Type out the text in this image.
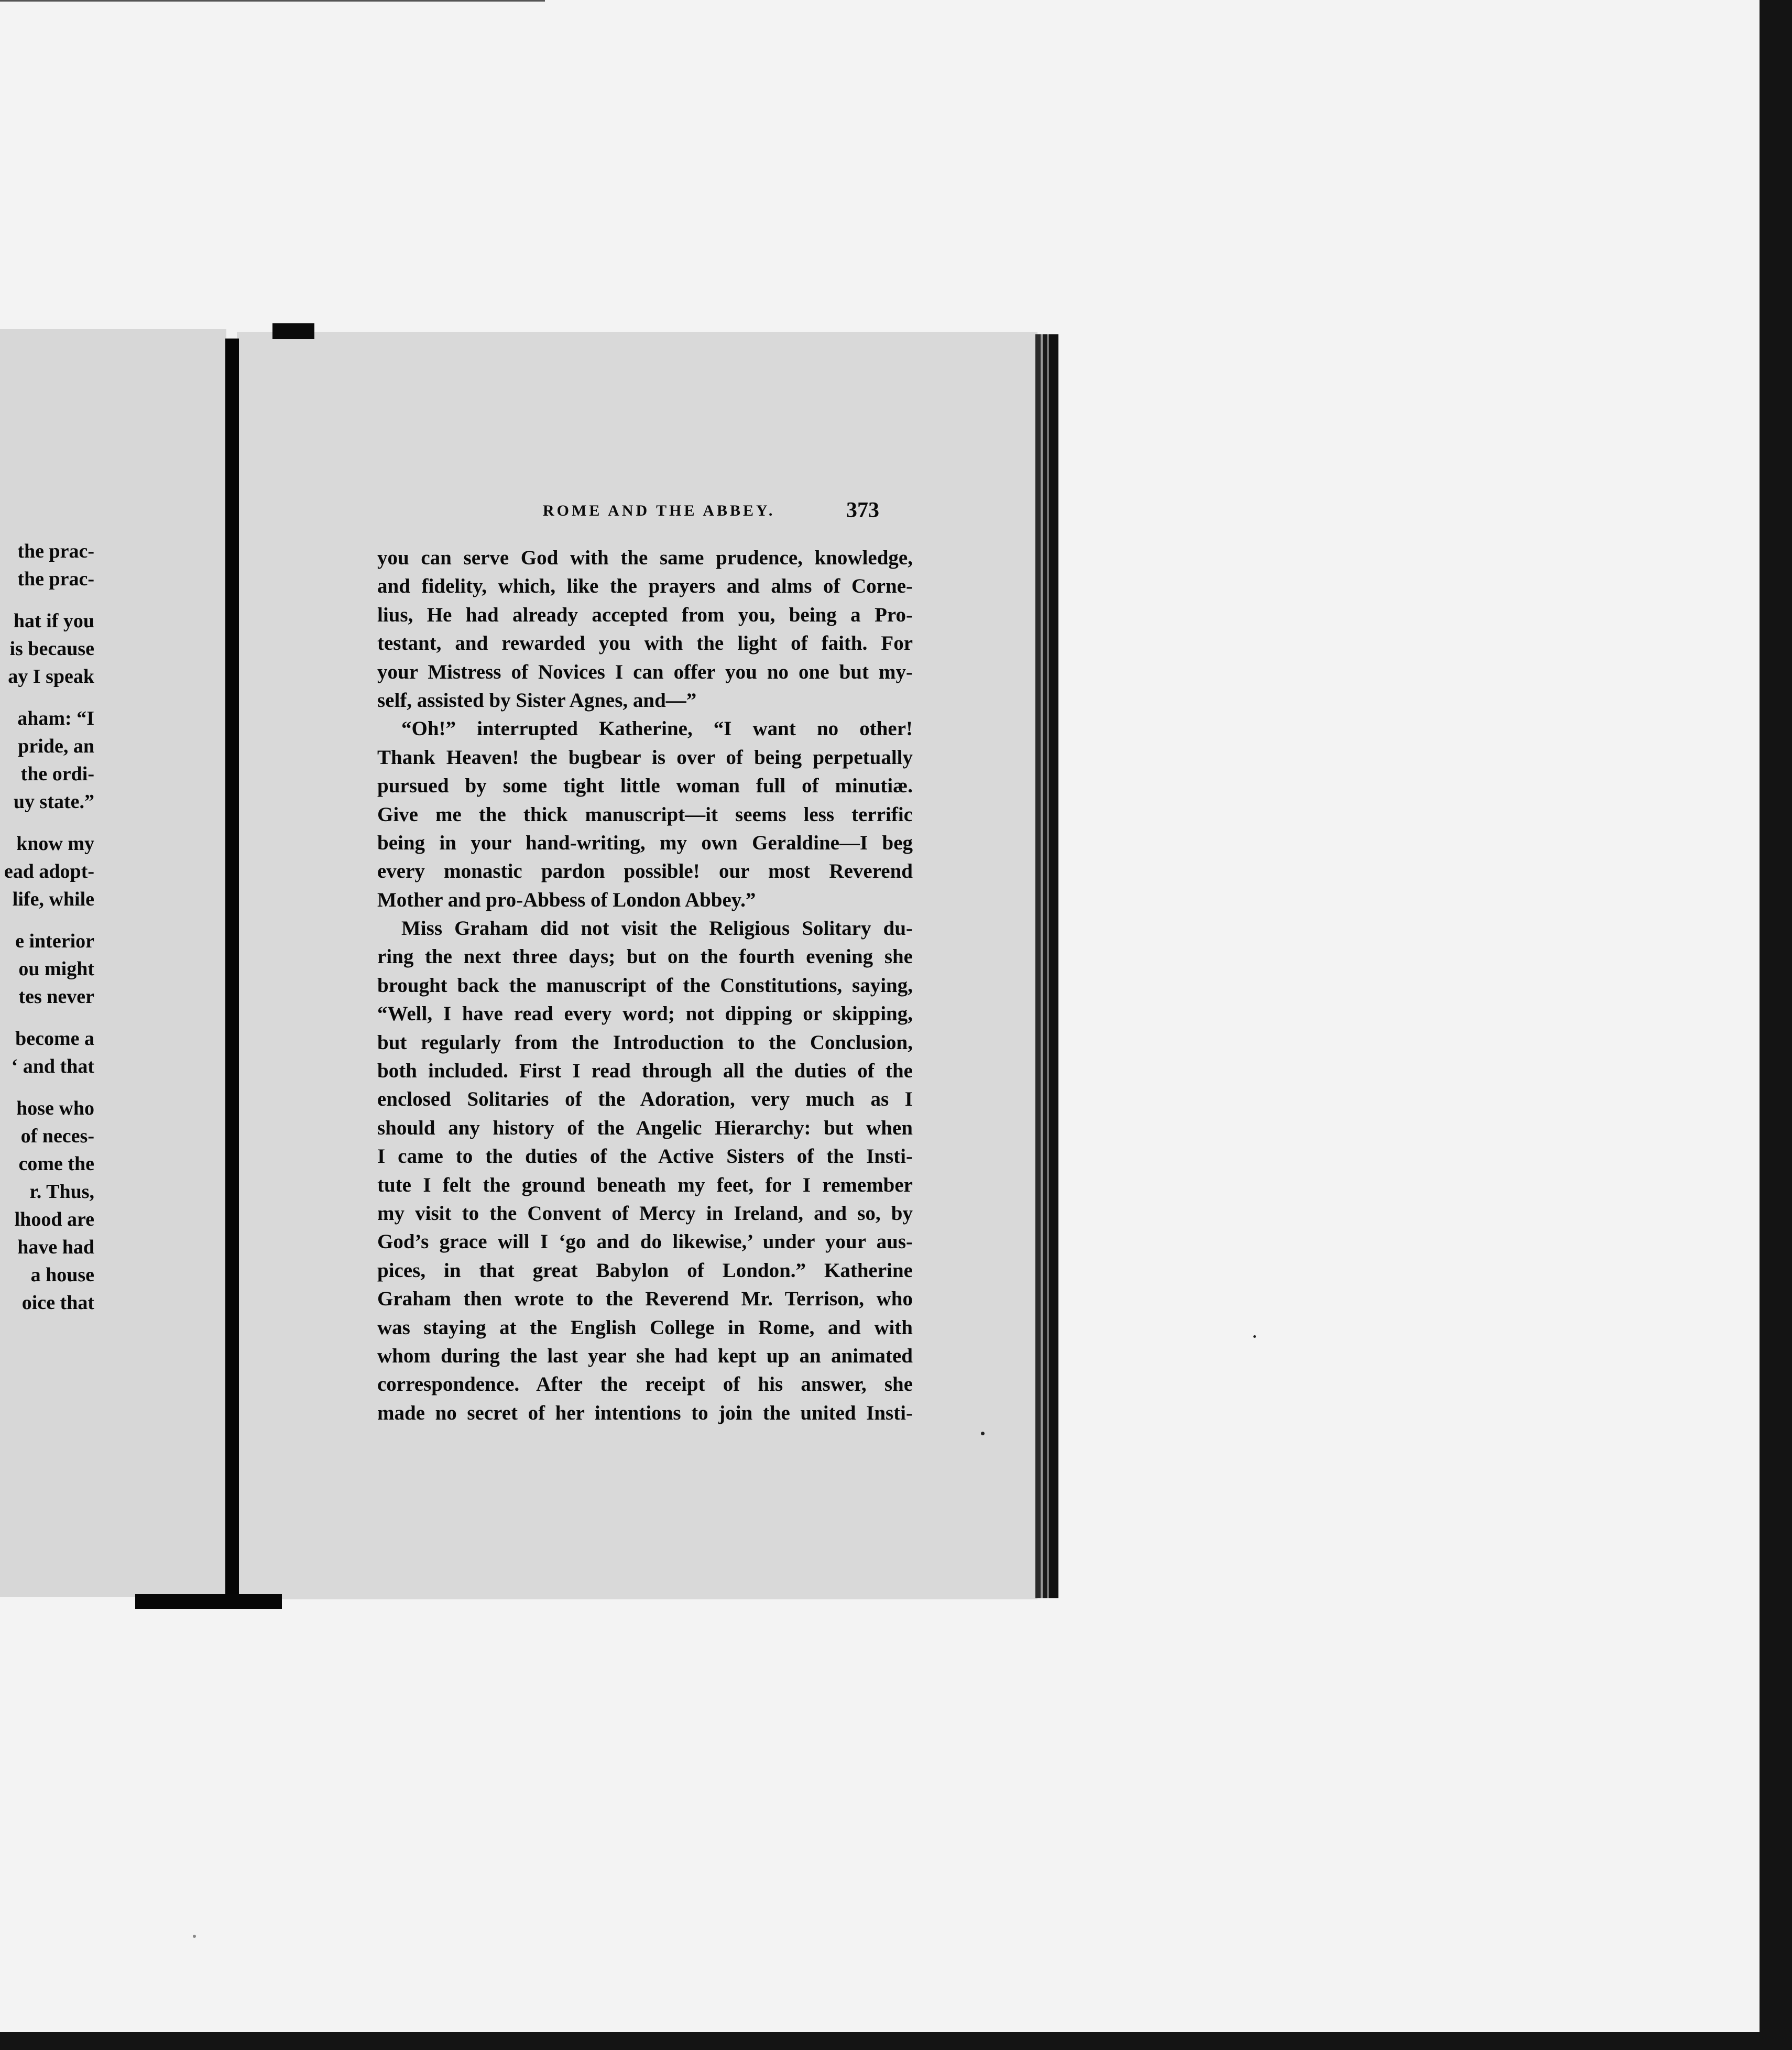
the prac-
the prac-
hat if you
is because
ay I speak
aham: “I
pride, an
the ordi-
uy state.”
know my
ead adopt-
life, while
e interior
ou might
tes never
become a
‘ and that
hose who
of neces-
come the
r. Thus,
lhood are
have had
a house
oice that
ROME AND THE ABBEY.	373
you can serve God with the same prudence, knowledge,
and fidelity, which, like the prayers and alms of Corne-
lius, He had already accepted from you, being a Pro-
testant, and rewarded you with the light of faith. For
your Mistress of Novices I can offer you no one but my-
self, assisted by Sister Agnes, and—”
“Oh!” interrupted Katherine, “I want no other!
Thank Heaven! the bugbear is over of being perpetually
pursued by some tight little woman full of minutiæ.
Give me the thick manuscript—it seems less terrific
being in your hand-writing, my own Geraldine—I beg
every monastic pardon possible! our most Reverend
Mother and pro-Abbess of London Abbey.”
Miss Graham did not visit the Religious Solitary du-
ring the next three days; but on the fourth evening she
brought back the manuscript of the Constitutions, saying,
“Well, I have read every word; not dipping or skipping,
but regularly from the Introduction to the Conclusion,
both included. First I read through all the duties of the
enclosed Solitaries of the Adoration, very much as I
should any history of the Angelic Hierarchy: but when
I came to the duties of the Active Sisters of the Insti-
tute I felt the ground beneath my feet, for I remember
my visit to the Convent of Mercy in Ireland, and so, by
God’s grace will I ‘go and do likewise,’ under your aus-
pices, in that great Babylon of London.” Katherine
Graham then wrote to the Reverend Mr. Terrison, who
was staying at the English College in Rome, and with
whom during the last year she had kept up an animated
correspondence. After the receipt of his answer, she
made no secret of her intentions to join the united Insti-
